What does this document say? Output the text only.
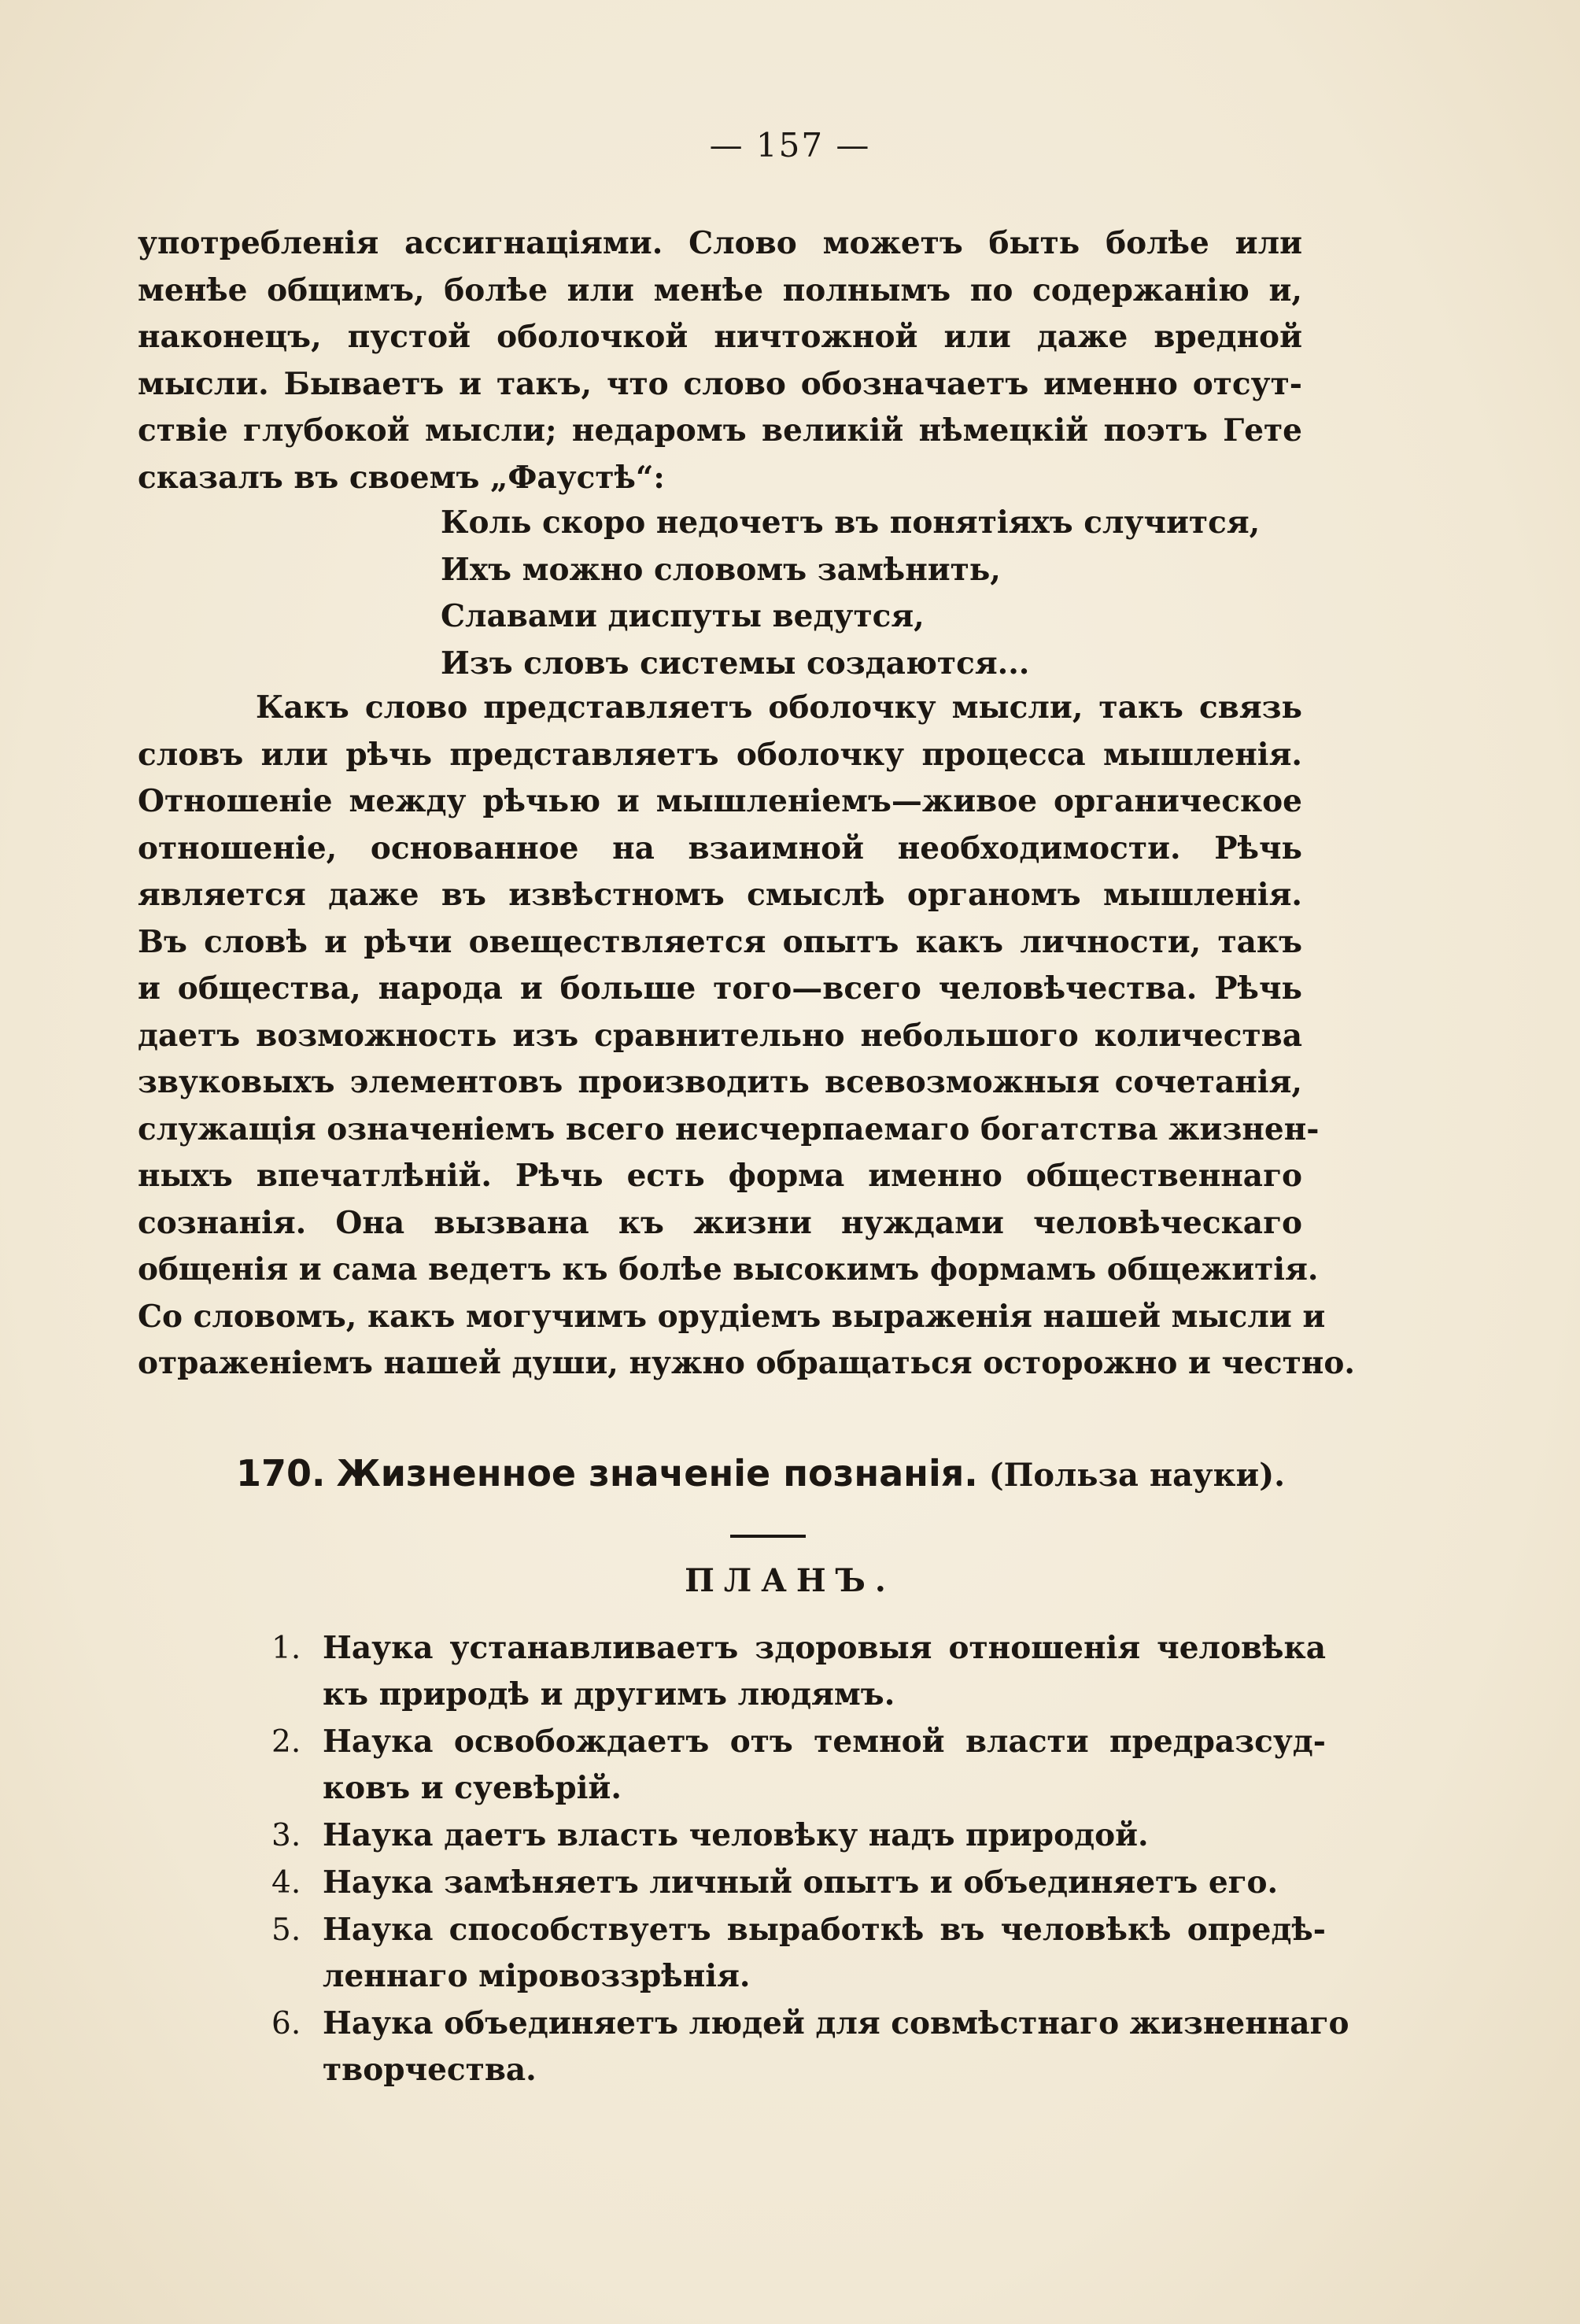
— 157 —
употребленія ассигнаціями. Слово можетъ быть болѣе или
менѣе общимъ, болѣе или менѣе полнымъ по содержанію и,
наконецъ, пустой оболочкой ничтожной или даже вредной
мысли. Бываетъ и такъ, что слово обозначаетъ именно отсут-
ствіе глубокой мысли; недаромъ великій нѣмецкій поэтъ Гете
сказалъ въ своемъ „Фаустѣ“:
Коль скоро недочетъ въ понятіяхъ случится,
Ихъ можно словомъ замѣнить,
Славами диспуты ведутся,
Изъ словъ системы создаются...
Какъ слово представляетъ оболочку мысли, такъ связь
словъ или рѣчь представляетъ оболочку процесса мышленія.
Отношеніе между рѣчью и мышленіемъ—живое органическое
отношеніе, основанное на взаимной необходимости. Рѣчь
является даже въ извѣстномъ смыслѣ органомъ мышленія.
Въ словѣ и рѣчи овеществляется опытъ какъ личности, такъ
и общества, народа и больше того—всего человѣчества. Рѣчь
даетъ возможность изъ сравнительно небольшого количества
звуковыхъ элементовъ производить всевозможныя сочетанія,
служащія означеніемъ всего неисчерпаемаго богатства жизнен-
ныхъ впечатлѣній. Рѣчь есть форма именно общественнаго
сознанія. Она вызвана къ жизни нуждами человѣческаго
общенія и сама ведетъ къ болѣе высокимъ формамъ общежитія.
Со словомъ, какъ могучимъ орудіемъ выраженія нашей мысли и
отраженіемъ нашей души, нужно обращаться осторожно и честно.
170. Жизненное значеніе познанія. (Польза науки).
ПЛАНЪ.
1. Наука устанавливаетъ здоровыя отношенія человѣка
къ природѣ и другимъ людямъ.
2. Наука освобождаетъ отъ темной власти предразсуд-
ковъ и суевѣрій.
3. Наука даетъ власть человѣку надъ природой.
4. Наука замѣняетъ личный опытъ и объединяетъ его.
5. Наука способствуетъ выработкѣ въ человѣкѣ опредѣ-
леннаго міровоззрѣнія.
6. Наука объединяетъ людей для совмѣстнаго жизненнаго
творчества.
